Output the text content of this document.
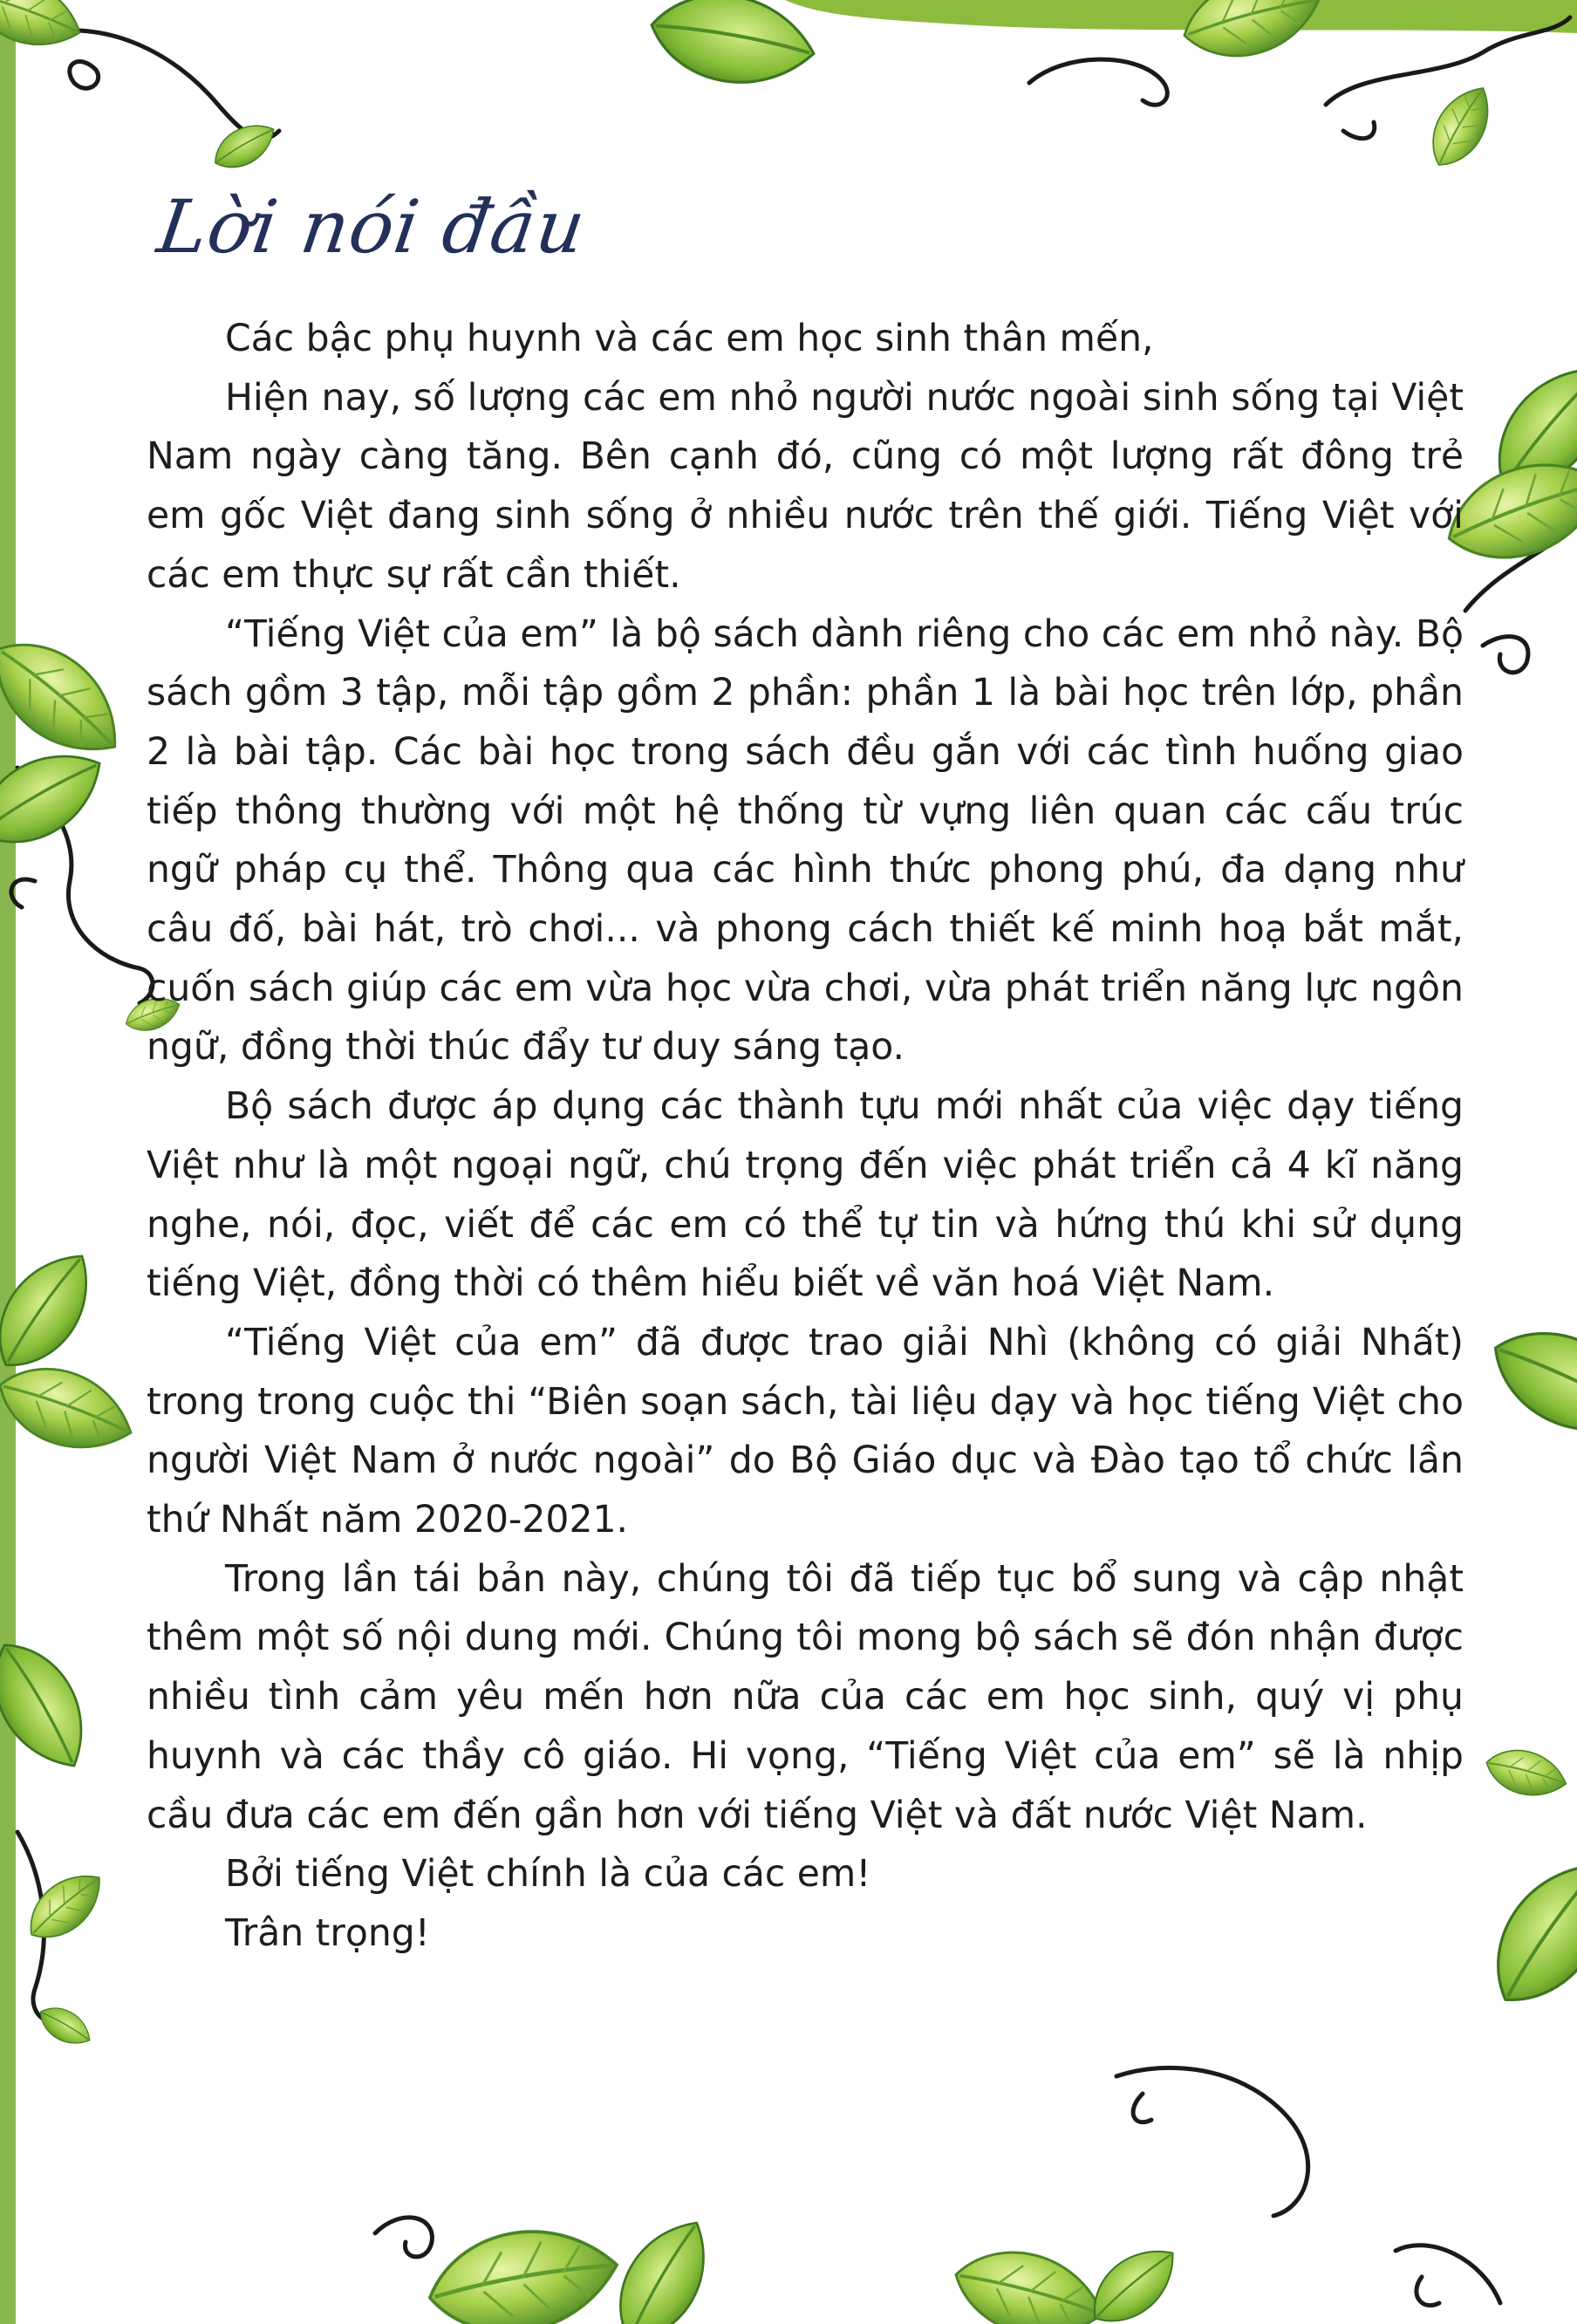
Lời nói đầu

Các bậc phụ huynh và các em học sinh thân mến,

Hiện nay, số lượng các em nhỏ người nước ngoài sinh sống tại Việt Nam ngày càng tăng. Bên cạnh đó, cũng có một lượng rất đông trẻ em gốc Việt đang sinh sống ở nhiều nước trên thế giới. Tiếng Việt với các em thực sự rất cần thiết.

“Tiếng Việt của em” là bộ sách dành riêng cho các em nhỏ này. Bộ sách gồm 3 tập, mỗi tập gồm 2 phần: phần 1 là bài học trên lớp, phần 2 là bài tập. Các bài học trong sách đều gắn với các tình huống giao tiếp thông thường với một hệ thống từ vựng liên quan các cấu trúc ngữ pháp cụ thể. Thông qua các hình thức phong phú, đa dạng như câu đố, bài hát, trò chơi... và phong cách thiết kế minh hoạ bắt mắt, cuốn sách giúp các em vừa học vừa chơi, vừa phát triển năng lực ngôn ngữ, đồng thời thúc đẩy tư duy sáng tạo.

Bộ sách được áp dụng các thành tựu mới nhất của việc dạy tiếng Việt như là một ngoại ngữ, chú trọng đến việc phát triển cả 4 kĩ năng nghe, nói, đọc, viết để các em có thể tự tin và hứng thú khi sử dụng tiếng Việt, đồng thời có thêm hiểu biết về văn hoá Việt Nam.

“Tiếng Việt của em” đã được trao giải Nhì (không có giải Nhất) trong trong cuộc thi “Biên soạn sách, tài liệu dạy và học tiếng Việt cho người Việt Nam ở nước ngoài” do Bộ Giáo dục và Đào tạo tổ chức lần thứ Nhất năm 2020-2021.

Trong lần tái bản này, chúng tôi đã tiếp tục bổ sung và cập nhật thêm một số nội dung mới. Chúng tôi mong bộ sách sẽ đón nhận được nhiều tình cảm yêu mến hơn nữa của các em học sinh, quý vị phụ huynh và các thầy cô giáo. Hi vọng, “Tiếng Việt của em” sẽ là nhịp cầu đưa các em đến gần hơn với tiếng Việt và đất nước Việt Nam.

Bởi tiếng Việt chính là của các em!

Trân trọng!
